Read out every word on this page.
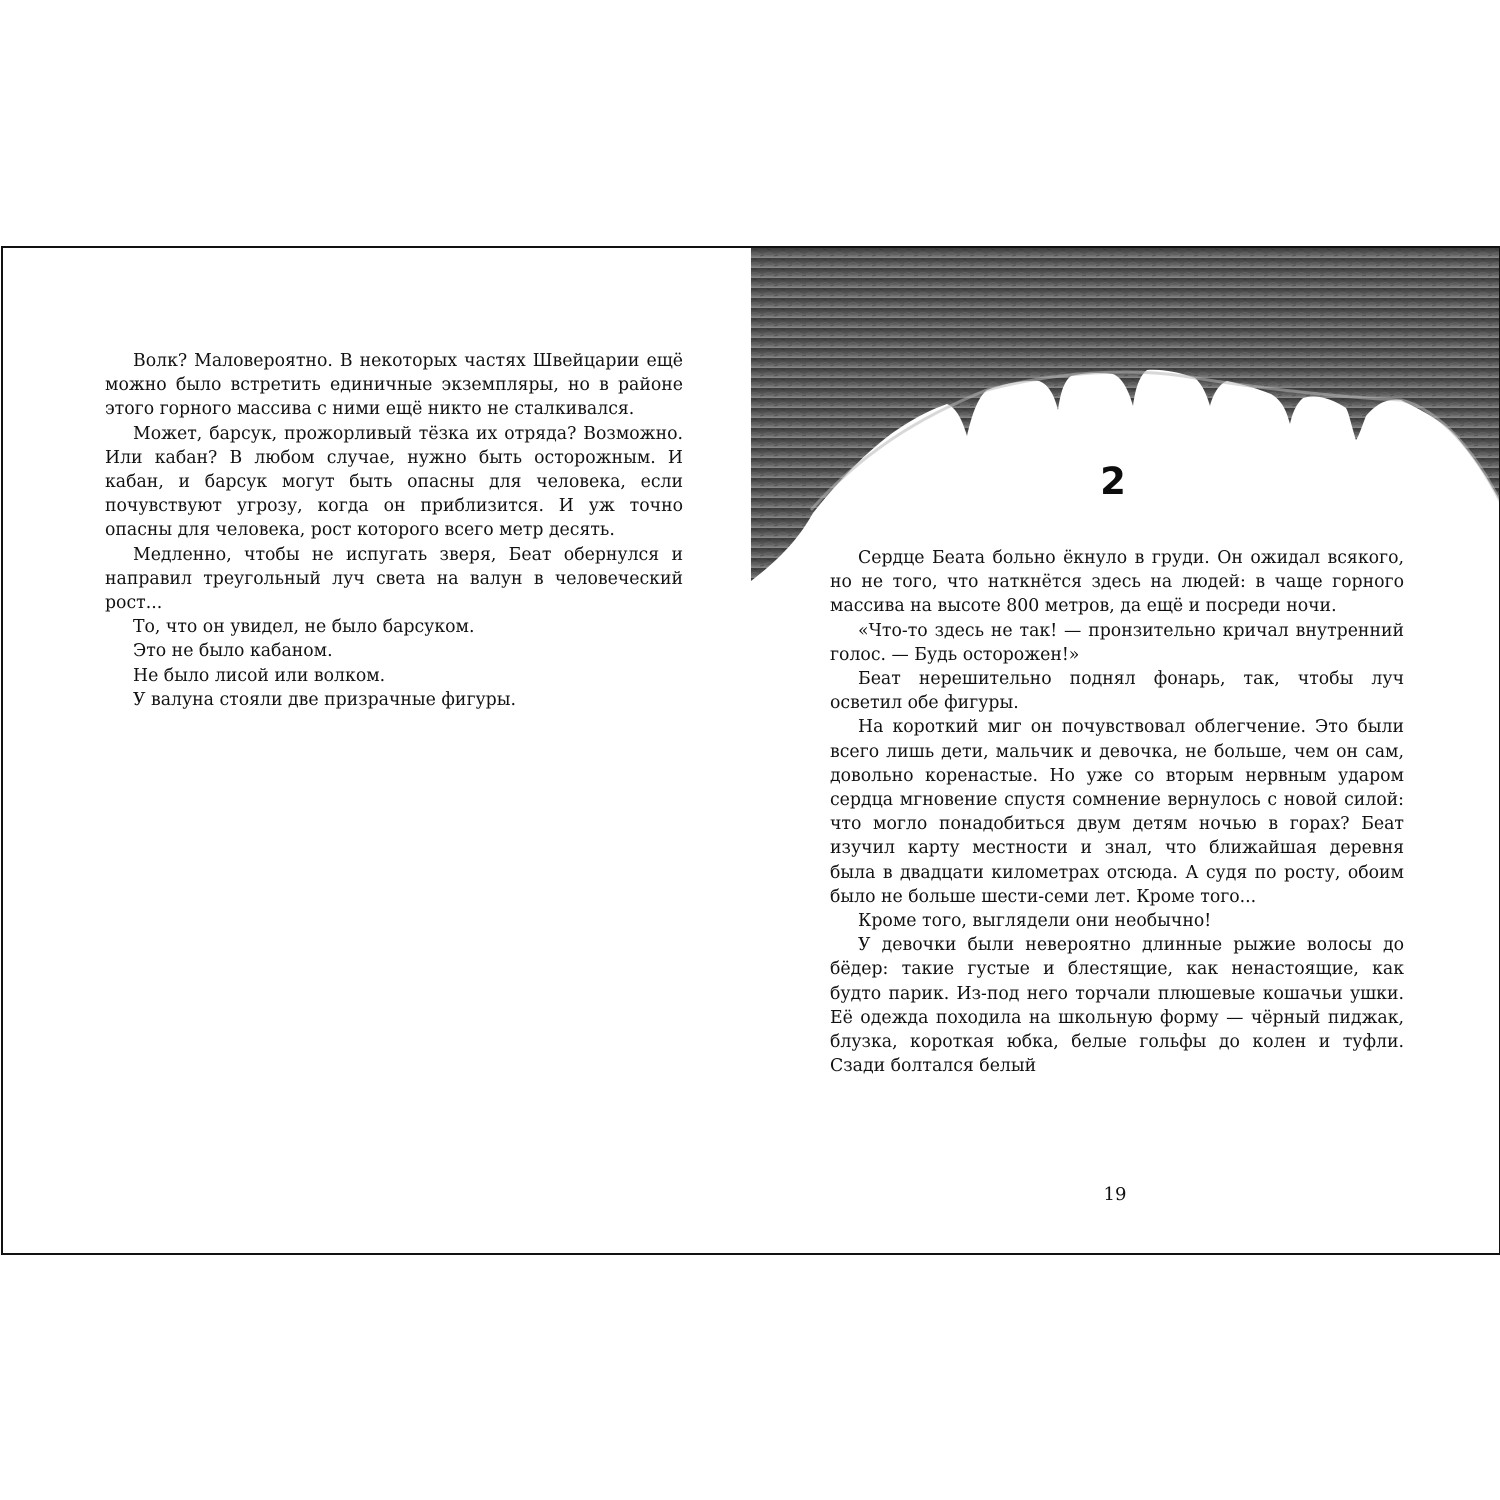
Волк? Маловероятно. В некоторых частях Швейцарии ещё можно было встретить единичные экземпляры, но в районе этого горного массива с ними ещё никто не сталкивался.

Может, барсук, прожорливый тёзка их отряда? Возможно. Или кабан? В любом случае, нужно быть осторожным. И кабан, и барсук могут быть опасны для человека, если почувствуют угрозу, когда он приблизится. И уж точно опасны для человека, рост которого всего метр десять.

Медленно, чтобы не испугать зверя, Беат обернулся и направил треугольный луч света на валун в человеческий рост...

То, что он увидел, не было барсуком.

Это не было кабаном.

Не было лисой или волком.

У валуна стояли две призрачные фигуры.

2

Сердце Беата больно ёкнуло в груди. Он ожидал всякого, но не того, что наткнётся здесь на людей: в чаще горного массива на высоте 800 метров, да ещё и посреди ночи.

«Что-то здесь не так! — пронзительно кричал внутренний голос. — Будь осторожен!»

Беат нерешительно поднял фонарь, так, чтобы луч осветил обе фигуры.

На короткий миг он почувствовал облегчение. Это были всего лишь дети, мальчик и девочка, не больше, чем он сам, довольно коренастые. Но уже со вторым нервным ударом сердца мгновение спустя сомнение вернулось с новой силой: что могло понадобиться двум детям ночью в горах? Беат изучил карту местности и знал, что ближайшая деревня была в двадцати километрах отсюда. А судя по росту, обоим было не больше шести-семи лет. Кроме того...

Кроме того, выглядели они необычно!

У девочки были невероятно длинные рыжие волосы до бёдер: такие густые и блестящие, как ненастоящие, как будто парик. Из-под него торчали плюшевые кошачьи ушки. Её одежда походила на школьную форму — чёрный пиджак, блузка, короткая юбка, белые гольфы до колен и туфли. Сзади болтался белый

19
